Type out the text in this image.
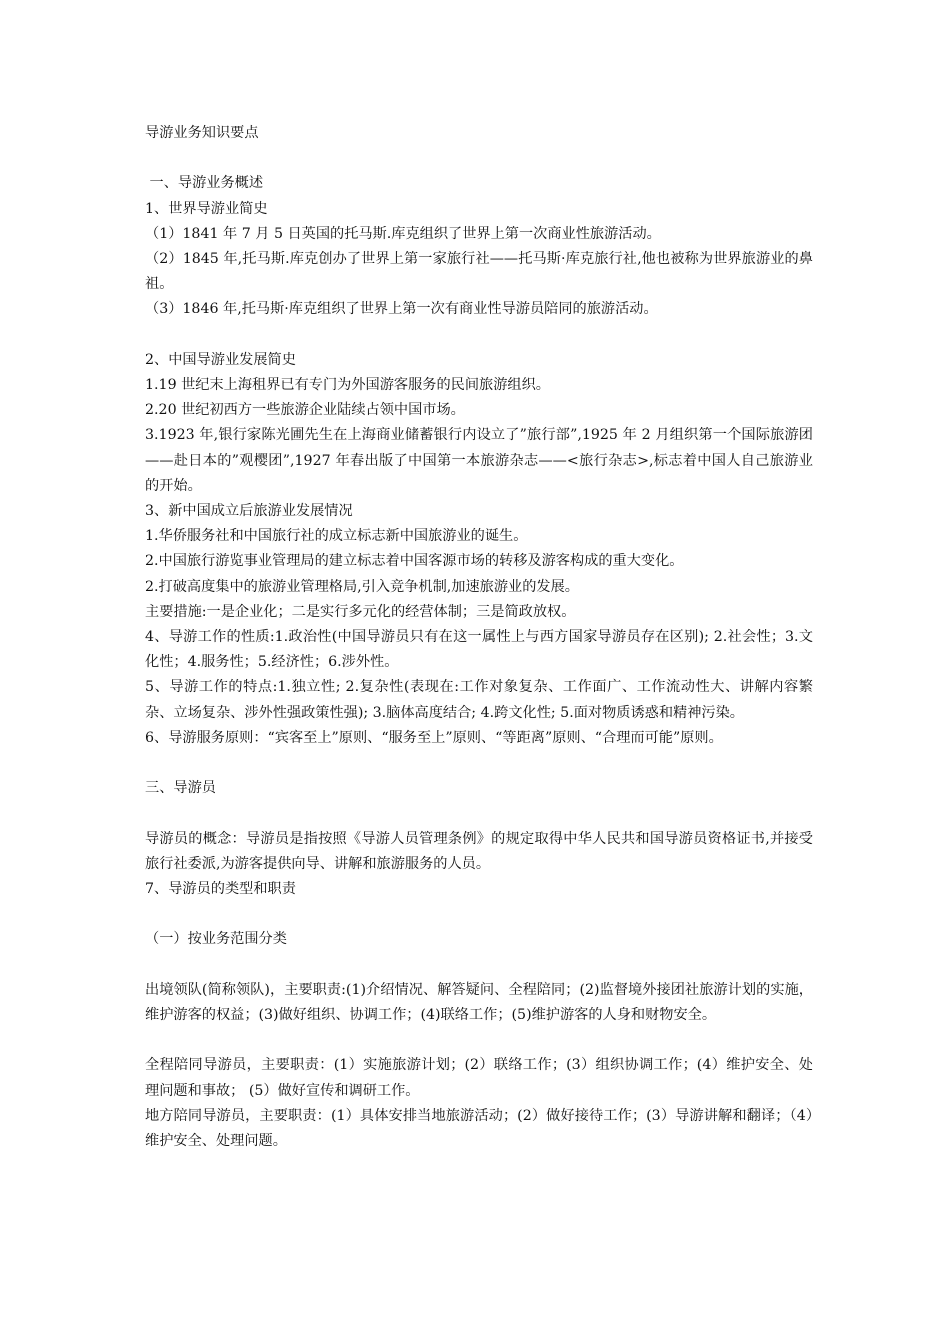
导游业务知识要点
一、导游业务概述
1、世界导游业简史
（1）1841 年 7 月 5 日英国的托马斯.库克组织了世界上第一次商业性旅游活动。
（2）1845 年,托马斯.库克创办了世界上第一家旅行社——托马斯·库克旅行社,他也被称为世界旅游业的鼻祖。
（3）1846 年,托马斯·库克组织了世界上第一次有商业性导游员陪同的旅游活动。
2、中国导游业发展简史
1.19 世纪末上海租界已有专门为外国游客服务的民间旅游组织。
2.20 世纪初西方一些旅游企业陆续占领中国市场。
3.1923 年,银行家陈光圃先生在上海商业储蓄银行内设立了”旅行部”,1925 年 2 月组织第一个国际旅游团——赴日本的”观樱团”,1927 年春出版了中国第一本旅游杂志——<旅行杂志>,标志着中国人自己旅游业的开始。
3、新中国成立后旅游业发展情况
1.华侨服务社和中国旅行社的成立标志新中国旅游业的诞生。
2.中国旅行游览事业管理局的建立标志着中国客源市场的转移及游客构成的重大变化。
2.打破高度集中的旅游业管理格局,引入竞争机制,加速旅游业的发展。
主要措施:一是企业化；二是实行多元化的经营体制；三是简政放权。
4、导游工作的性质:1.政治性(中国导游员只有在这一属性上与西方国家导游员存在区别); 2.社会性；3.文化性；4.服务性；5.经济性；6.涉外性。
5、导游工作的特点:1.独立性; 2.复杂性(表现在:工作对象复杂、工作面广、工作流动性大、讲解内容繁杂、立场复杂、涉外性强政策性强); 3.脑体高度结合; 4.跨文化性; 5.面对物质诱惑和精神污染。
6、导游服务原则：“宾客至上”原则、“服务至上”原则、“等距离”原则、“合理而可能”原则。
三、导游员
导游员的概念：导游员是指按照《导游人员管理条例》的规定取得中华人民共和国导游员资格证书,并接受旅行社委派,为游客提供向导、讲解和旅游服务的人员。
7、导游员的类型和职责
（一）按业务范围分类
出境领队(简称领队)，主要职责:(1)介绍情况、解答疑问、全程陪同；(2)监督境外接团社旅游计划的实施，维护游客的权益；(3)做好组织、协调工作；(4)联络工作；(5)维护游客的人身和财物安全。
全程陪同导游员，主要职责：(1）实施旅游计划；(2）联络工作；(3）组织协调工作；(4）维护安全、处理问题和事故； (5）做好宣传和调研工作。
地方陪同导游员，主要职责：(1）具体安排当地旅游活动；(2）做好接待工作；(3）导游讲解和翻译；（4）维护安全、处理问题。
